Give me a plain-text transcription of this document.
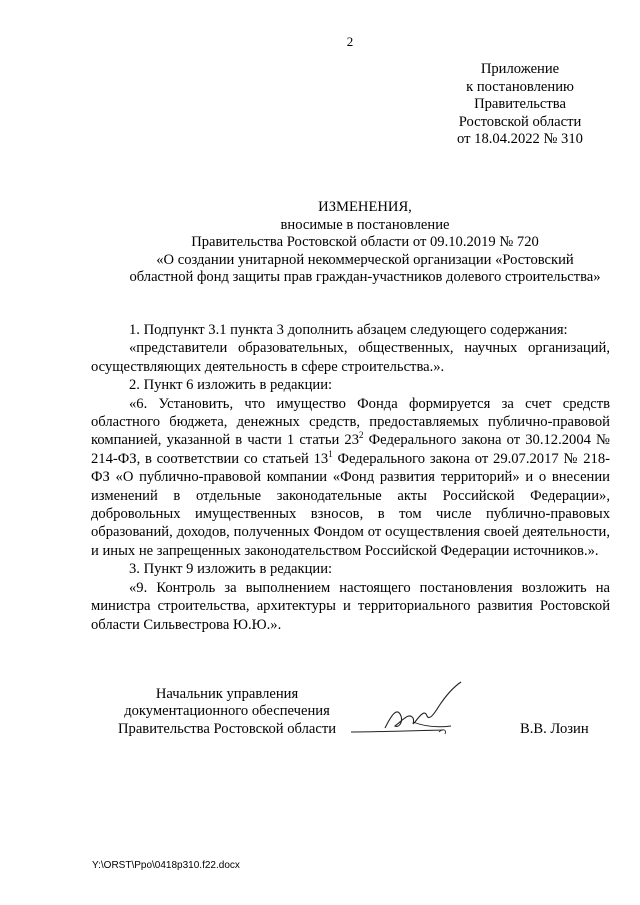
2
Приложение
к постановлению
Правительства
Ростовской области
от 18.04.2022 № 310
ИЗМЕНЕНИЯ,
вносимые в постановление
Правительства Ростовской области от 09.10.2019 № 720
«О создании унитарной некоммерческой организации «Ростовский
областной фонд защиты прав граждан-участников долевого строительства»

1. Подпункт 3.1 пункта 3 дополнить абзацем следующего содержания:

«представители образовательных, общественных, научных организаций, осуществляющих деятельность в сфере строительства.».

2. Пункт 6 изложить в редакции:

«6. Установить, что имущество Фонда формируется за счет средств областного бюджета, денежных средств, предоставляемых публично-правовой компанией, указанной в части 1 статьи $23^2$ Федерального закона от 30.12.2004 № 214-ФЗ, в соответствии со статьей $13^1$ Федерального закона от 29.07.2017 № 218-ФЗ «О публично-правовой компании «Фонд развития территорий» и о внесении изменений в отдельные законодательные акты Российской Федерации», добровольных имущественных взносов, в том числе публично-правовых образований, доходов, полученных Фондом от осуществления своей деятельности, и иных не запрещенных законодательством Российской Федерации источников.».

3. Пункт 9 изложить в редакции:

«9. Контроль за выполнением настоящего постановления возложить на министра строительства, архитектуры и территориального развития Ростовской области Сильвестрова Ю.Ю.».

Начальник управления
документационного обеспечения
Правительства Ростовской области	В.В. Лозин
Y:\ORST\Ppo\0418p310.f22.docx
